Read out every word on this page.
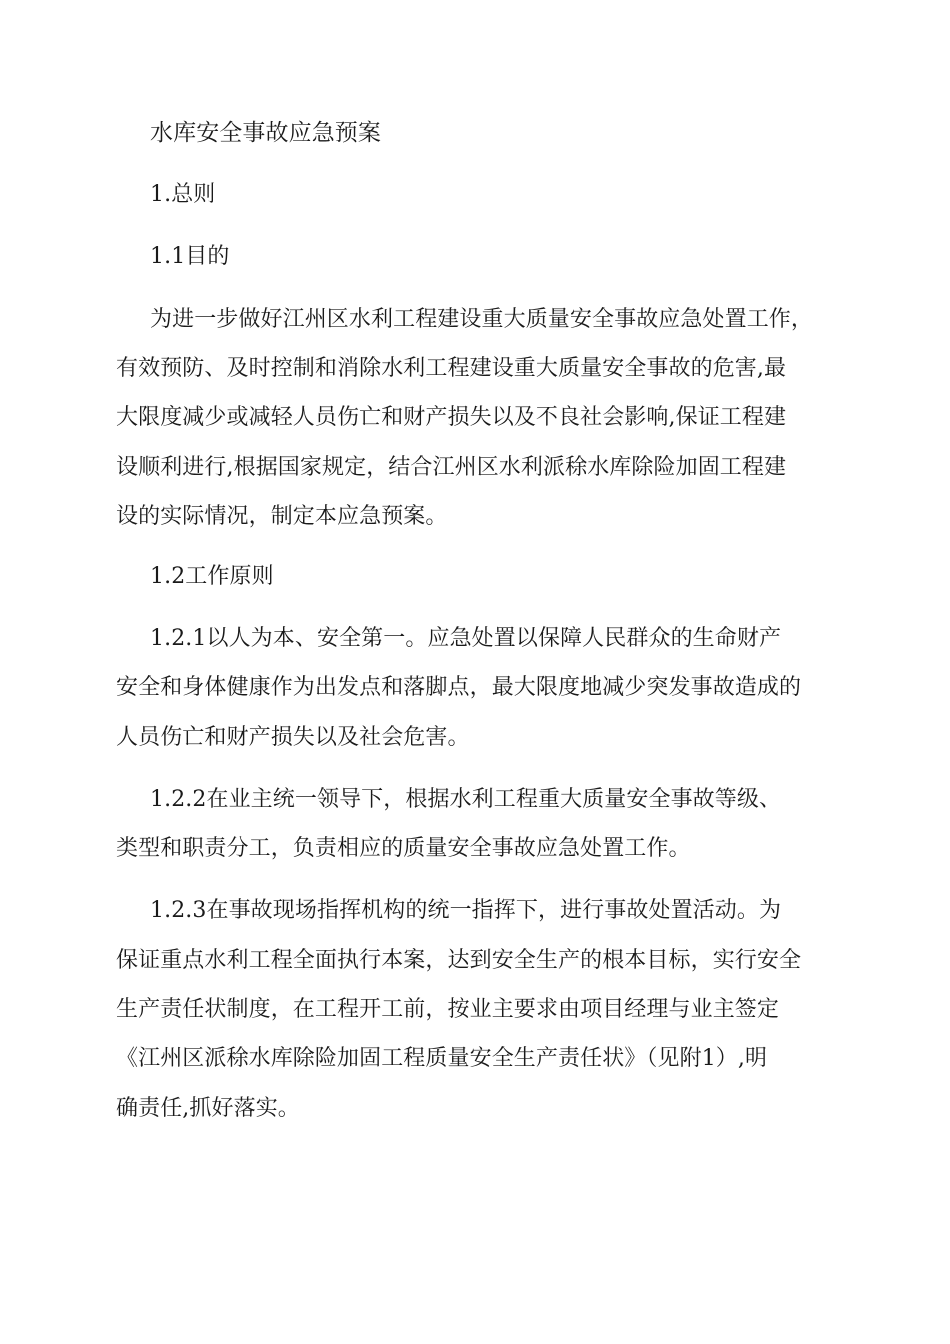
水库安全事故应急预案
1.总则
1.1目的
为进一步做好江州区水利工程建设重大质量安全事故应急处置工作，
有效预防、及时控制和消除水利工程建设重大质量安全事故的危害,最
大限度减少或减轻人员伤亡和财产损失以及不良社会影响,保证工程建
设顺利进行,根据国家规定，结合江州区水利派稌水库除险加固工程建
设的实际情况，制定本应急预案。
1.2工作原则
1.2.1以人为本、安全第一。应急处置以保障人民群众的生命财产
安全和身体健康作为出发点和落脚点，最大限度地减少突发事故造成的
人员伤亡和财产损失以及社会危害。
1.2.2在业主统一领导下，根据水利工程重大质量安全事故等级、
类型和职责分工，负责相应的质量安全事故应急处置工作。
1.2.3在事故现场指挥机构的统一指挥下，进行事故处置活动。为
保证重点水利工程全面执行本案，达到安全生产的根本目标，实行安全
生产责任状制度，在工程开工前，按业主要求由项目经理与业主签定
《江州区派稌水库除险加固工程质量安全生产责任状》（见附1）,明
确责任,抓好落实。
